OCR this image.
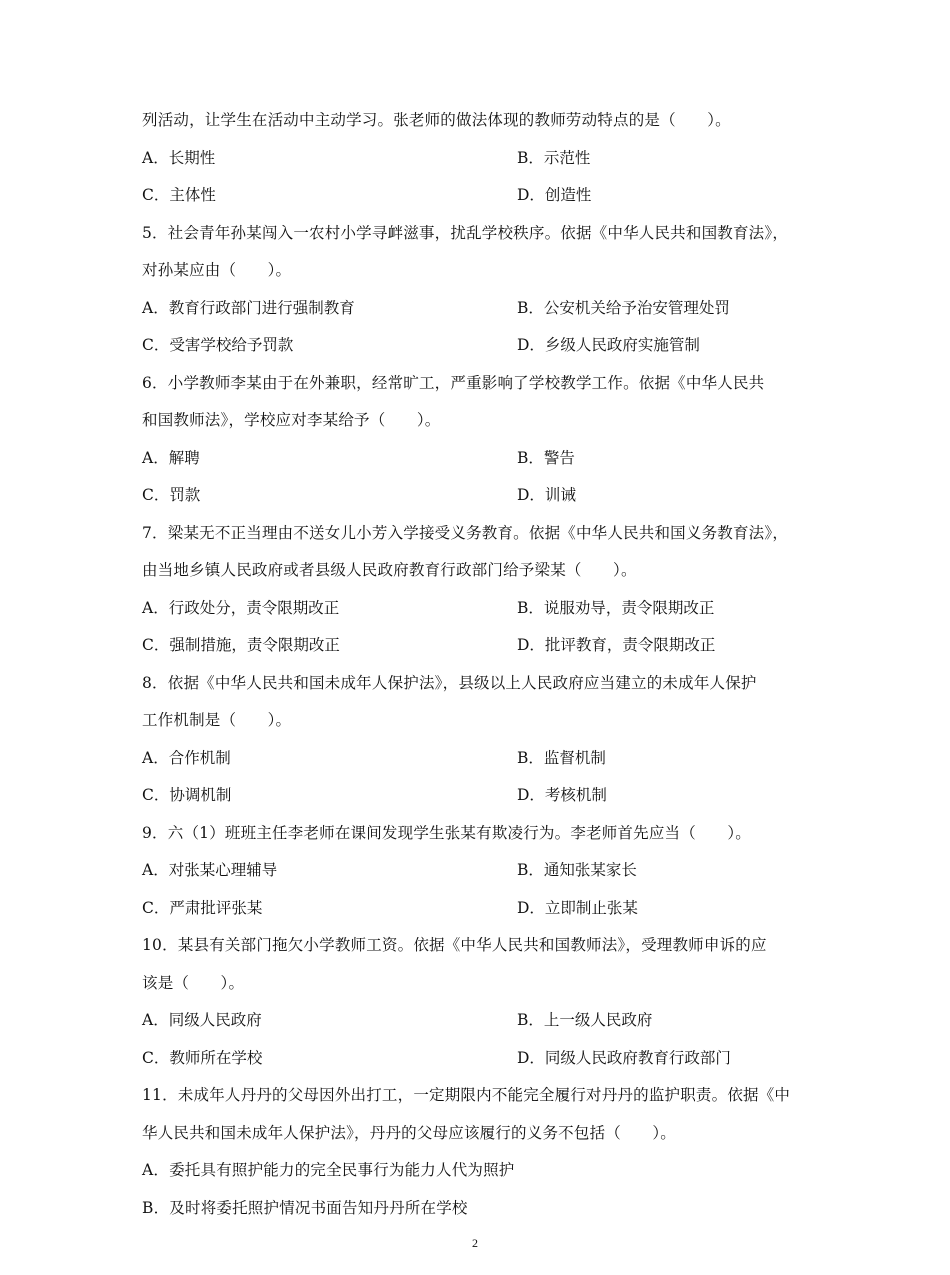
列活动，让学生在活动中主动学习。张老师的做法体现的教师劳动特点的是（　　）。
A．长期性	B．示范性
C．主体性	D．创造性
5．社会青年孙某闯入一农村小学寻衅滋事，扰乱学校秩序。依据《中华人民共和国教育法》，
对孙某应由（　　）。
A．教育行政部门进行强制教育	B．公安机关给予治安管理处罚
C．受害学校给予罚款	D．乡级人民政府实施管制
6．小学教师李某由于在外兼职，经常旷工，严重影响了学校教学工作。依据《中华人民共
和国教师法》，学校应对李某给予（　　）。
A．解聘	B．警告
C．罚款	D．训诫
7．梁某无不正当理由不送女儿小芳入学接受义务教育。依据《中华人民共和国义务教育法》，
由当地乡镇人民政府或者县级人民政府教育行政部门给予梁某（　　）。
A．行政处分，责令限期改正	B．说服劝导，责令限期改正
C．强制措施，责令限期改正	D．批评教育，责令限期改正
8．依据《中华人民共和国未成年人保护法》，县级以上人民政府应当建立的未成年人保护
工作机制是（　　）。
A．合作机制	B．监督机制
C．协调机制	D．考核机制
9．六（1）班班主任李老师在课间发现学生张某有欺凌行为。李老师首先应当（　　）。
A．对张某心理辅导	B．通知张某家长
C．严肃批评张某	D．立即制止张某
10．某县有关部门拖欠小学教师工资。依据《中华人民共和国教师法》，受理教师申诉的应
该是（　　）。
A．同级人民政府	B．上一级人民政府
C．教师所在学校	D．同级人民政府教育行政部门
11．未成年人丹丹的父母因外出打工，一定期限内不能完全履行对丹丹的监护职责。依据《中
华人民共和国未成年人保护法》，丹丹的父母应该履行的义务不包括（　　）。
A．委托具有照护能力的完全民事行为能力人代为照护
B．及时将委托照护情况书面告知丹丹所在学校
2
